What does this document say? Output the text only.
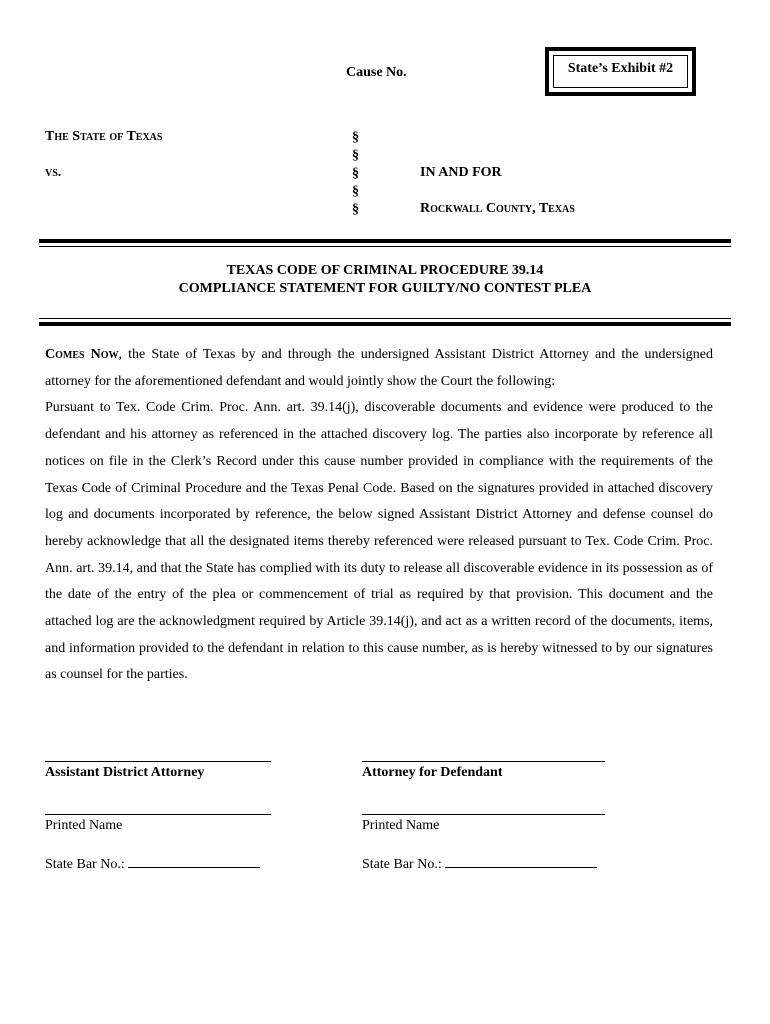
Cause No.	State’s Exhibit #2
The State of Texas
vs.
§
§
§
§
§
IN AND FOR
Rockwall County, Texas
TEXAS CODE OF CRIMINAL PROCEDURE 39.14
COMPLIANCE STATEMENT FOR GUILTY/NO CONTEST PLEA
Comes Now, the State of Texas by and through the undersigned Assistant District Attorney and the undersigned attorney for the aforementioned defendant and would jointly show the Court the following:
Pursuant to Tex. Code Crim. Proc. Ann. art. 39.14(j), discoverable documents and evidence were produced to the defendant and his attorney as referenced in the attached discovery log. The parties also incorporate by reference all notices on file in the Clerk’s Record under this cause number provided in compliance with the requirements of the Texas Code of Criminal Procedure and the Texas Penal Code. Based on the signatures provided in attached discovery log and documents incorporated by reference, the below signed Assistant District Attorney and defense counsel do hereby acknowledge that all the designated items thereby referenced were released pursuant to Tex. Code Crim. Proc. Ann. art. 39.14, and that the State has complied with its duty to release all discoverable evidence in its possession as of the date of the entry of the plea or commencement of trial as required by that provision. This document and the attached log are the acknowledgment required by Article 39.14(j), and act as a written record of the documents, items, and information provided to the defendant in relation to this cause number, as is hereby witnessed to by our signatures as counsel for the parties.
Assistant District Attorney
Printed Name
State Bar No.:
Attorney for Defendant
Printed Name
State Bar No.:
